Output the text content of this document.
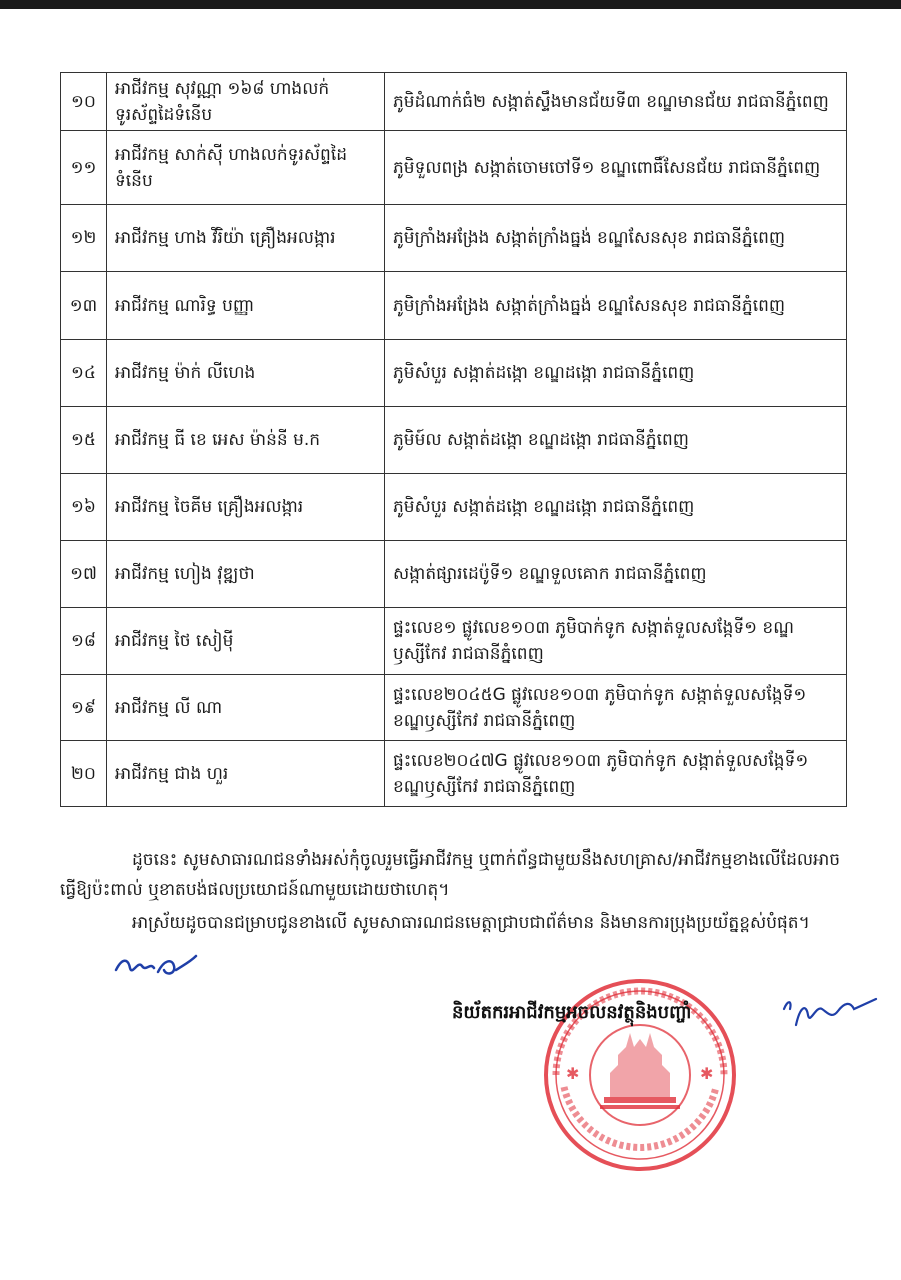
១០	អាជីវកម្ម សុវណ្ណា ១៦៨ ហាងលក់ទូរស័ព្ទដៃទំនើប	ភូមិដំណាក់ធំ២ សង្កាត់ស្ទឹងមានជ័យទី៣ ខណ្ឌមានជ័យ រាជធានីភ្នំពេញ
១១	អាជីវកម្ម សាក់ស៊ី ហាងលក់ទូរស័ព្ទដៃទំនើប	ភូមិទួលពង្រ សង្កាត់ចោមចៅទី១ ខណ្ឌពោធិ៍សែនជ័យ រាជធានីភ្នំពេញ
១២	អាជីវកម្ម ហាង វីរិយ៉ា គ្រឿងអលង្ការ	ភូមិក្រាំងអង្រែង សង្កាត់ក្រាំងធ្នង់ ខណ្ឌសែនសុខ រាជធានីភ្នំពេញ
១៣	អាជីវកម្ម ណារិទ្ធ បញ្ញា	ភូមិក្រាំងអង្រែង សង្កាត់ក្រាំងធ្នង់ ខណ្ឌសែនសុខ រាជធានីភ្នំពេញ
១៤	អាជីវកម្ម ម៉ាក់ លីហេង	ភូមិសំបួរ សង្កាត់ដង្កោ ខណ្ឌដង្កោ រាជធានីភ្នំពេញ
១៥	អាជីវកម្ម ធី ខេ អេស ម៉ាន់នី ម.ក	ភូមិម៍ល សង្កាត់ដង្កោ ខណ្ឌដង្កោ រាជធានីភ្នំពេញ
១៦	អាជីវកម្ម ចៃគីម គ្រឿងអលង្ការ	ភូមិសំបួរ សង្កាត់ដង្កោ ខណ្ឌដង្កោ រាជធានីភ្នំពេញ
១៧	អាជីវកម្ម ហៀង វុឌ្ឍថា	សង្កាត់ផ្សារដេប៉ូទី១ ខណ្ឌទួលគោក រាជធានីភ្នំពេញ
១៨	អាជីវកម្ម ថៃ សៀម៉ី	ផ្ទះលេខ១ ផ្លូវលេខ១០៣ ភូមិបាក់ទូក សង្កាត់ទួលសង្កែទី១ ខណ្ឌឫស្សីកែវ រាជធានីភ្នំពេញ
១៩	អាជីវកម្ម លី ណា	ផ្ទះលេខ២០៤៥G ផ្លូវលេខ១០៣ ភូមិបាក់ទូក សង្កាត់ទួលសង្កែទី១ ខណ្ឌឫស្សីកែវ រាជធានីភ្នំពេញ
២០	អាជីវកម្ម ជាង ហួរ	ផ្ទះលេខ២០៤៧G ផ្លូវលេខ១០៣ ភូមិបាក់ទូក សង្កាត់ទួលសង្កែទី១ ខណ្ឌឫស្សីកែវ រាជធានីភ្នំពេញ
ដូចនេះ សូមសាធារណជនទាំងអស់កុំចូលរួមធ្វើអាជីវកម្ម ឬពាក់ព័ន្ធជាមួយនឹងសហគ្រាស/អាជីវកម្មខាងលើដែលអាចធ្វើឱ្យប៉ះពាល់ ឬខាតបង់ផលប្រយោជន៍ណាមួយដោយថាហេតុ។
អាស្រ័យដូចបានជម្រាបជូនខាងលើ សូមសាធារណជនមេត្តាជ្រាបជាព័ត៌មាន និងមានការប្រុងប្រយ័ត្នខ្ពស់បំផុត។
✱	✱
និយ័តករអាជីវកម្មអចលនវត្ថុនិងបញ្ចាំ
